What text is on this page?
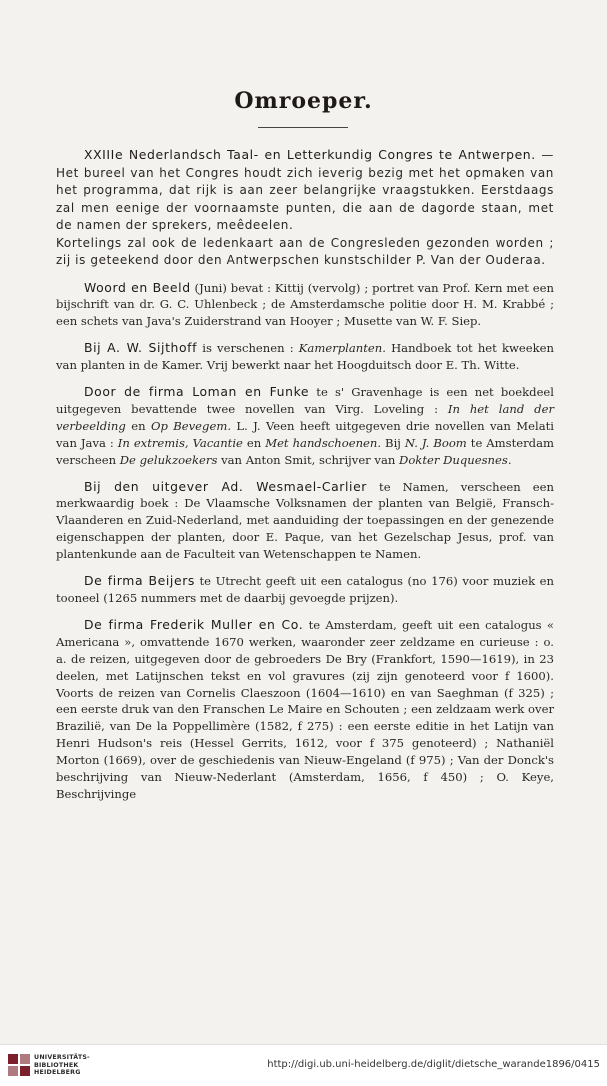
Omroeper.

XXIIIe Nederlandsch Taal- en Letterkundig Congres te Antwerpen. — Het bureel van het Congres houdt zich ieverig bezig met het opmaken van het programma, dat rijk is aan zeer belangrijke vraagstukken. Eerstdaags zal men eenige der voornaamste punten, die aan de dagorde staan, met de namen der sprekers, meêdeelen.

Kortelings zal ook de ledenkaart aan de Congresleden gezonden worden ; zij is geteekend door den Antwerpschen kunstschilder P. Van der Ouderaa.

Woord en Beeld (Juni) bevat : Kittij (vervolg) ; portret van Prof. Kern met een bijschrift van dr. G. C. Uhlenbeck ; de Amsterdamsche politie door H. M. Krabbé ; een schets van Java's Zuiderstrand van Hooyer ; Musette van W. F. Siep.

Bij A. W. Sijthoff is verschenen : Kamerplanten. Handboek tot het kweeken van planten in de Kamer. Vrij bewerkt naar het Hoogduitsch door E. Th. Witte.

Door de firma Loman en Funke te s' Gravenhage is een net boekdeel uitgegeven bevattende twee novellen van Virg. Loveling : In het land der verbeelding en Op Bevegem. L. J. Veen heeft uitgegeven drie novellen van Melati van Java : In extremis, Vacantie en Met handschoenen. Bij N. J. Boom te Amsterdam verscheen De gelukzoekers van Anton Smit, schrijver van Dokter Duquesnes.

Bij den uitgever Ad. Wesmael-Carlier te Namen, verscheen een merkwaardig boek : De Vlaamsche Volksnamen der planten van België, Fransch-Vlaanderen en Zuid-Nederland, met aanduiding der toepassingen en der genezende eigenschappen der planten, door E. Paque, van het Gezelschap Jesus, prof. van plantenkunde aan de Faculteit van Wetenschappen te Namen.

De firma Beijers te Utrecht geeft uit een catalogus (no 176) voor muziek en tooneel (1265 nummers met de daarbij gevoegde prijzen).

De firma Frederik Muller en Co. te Amsterdam, geeft uit een catalogus « Americana », omvattende 1670 werken, waaronder zeer zeldzame en curieuse : o. a. de reizen, uitgegeven door de gebroeders De Bry (Frankfort, 1590—1619), in 23 deelen, met Latijnschen tekst en vol gravures (zij zijn genoteerd voor f 1600). Voorts de reizen van Cornelis Claeszoon (1604—1610) en van Saeghman (f 325) ; een eerste druk van den Franschen Le Maire en Schouten ; een zeldzaam werk over Brazilië, van De la Poppellimère (1582, f 275) : een eerste editie in het Latijn van Henri Hudson's reis (Hessel Gerrits, 1612, voor f 375 genoteerd) ; Nathaniël Morton (1669), over de geschiedenis van Nieuw-Engeland (f 975) ; Van der Donck's beschrijving van Nieuw-Nederlant (Amsterdam, 1656, f 450) ; O. Keye, Beschrijvinge

UNIVERSITÄTS-
BIBLIOTHEK
HEIDELBERG
http://digi.ub.uni-heidelberg.de/diglit/dietsche_warande1896/0415
